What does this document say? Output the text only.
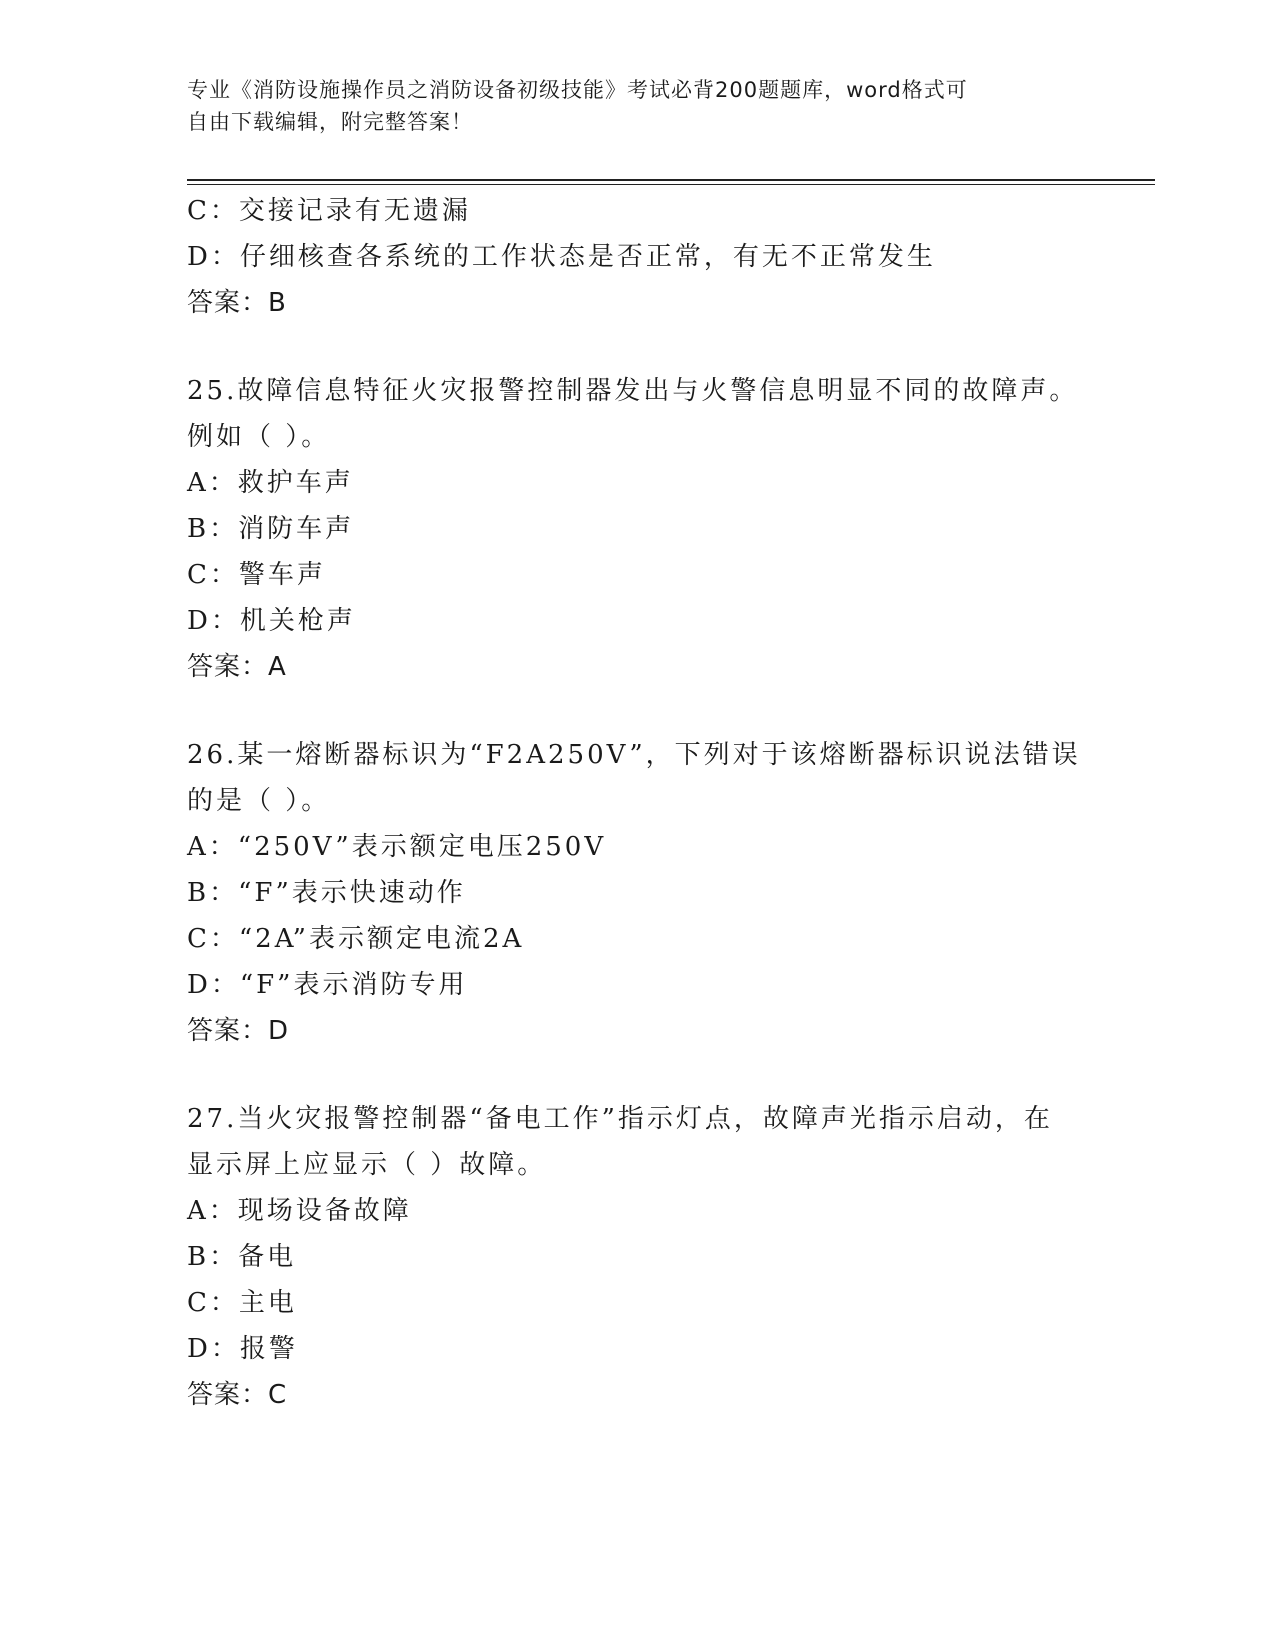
专业《消防设施操作员之消防设备初级技能》考试必背200题题库，word格式可
自由下载编辑，附完整答案！
C：交接记录有无遗漏
D：仔细核查各系统的工作状态是否正常，有无不正常发生
答案：B
25.故障信息特征火灾报警控制器发出与火警信息明显不同的故障声。
例如（ ）。
A：救护车声
B：消防车声
C：警车声
D：机关枪声
答案：A
26.某一熔断器标识为“F2A250V”，下列对于该熔断器标识说法错误
的是（ ）。
A：“250V”表示额定电压250V
B：“F”表示快速动作
C：“2A”表示额定电流2A
D：“F”表示消防专用
答案：D
27.当火灾报警控制器“备电工作”指示灯点，故障声光指示启动，在
显示屏上应显示（ ）故障。
A：现场设备故障
B：备电
C：主电
D：报警
答案：C
